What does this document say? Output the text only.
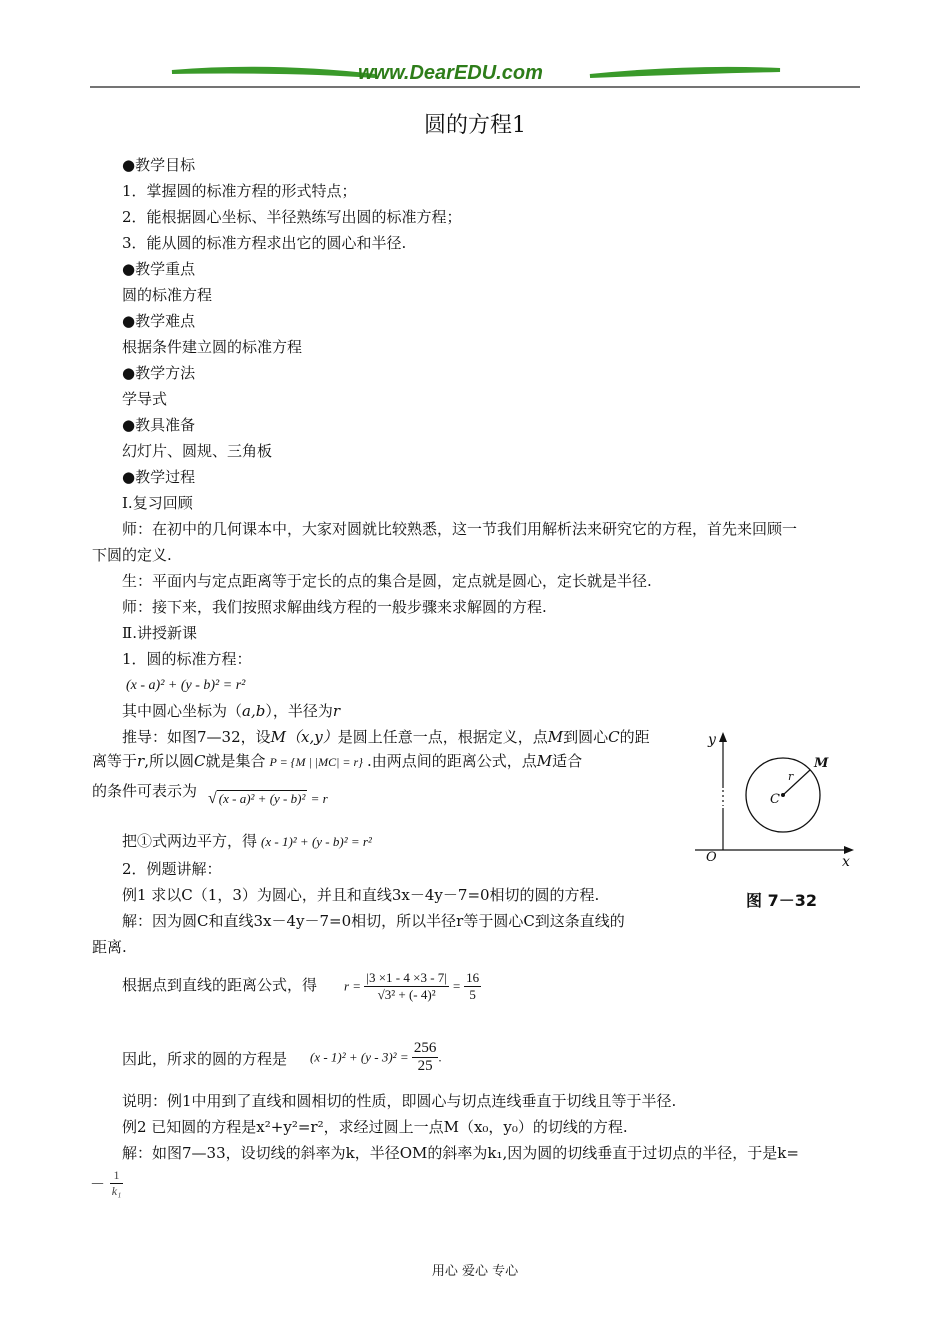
www.DearEDU.com
圆的方程1
●教学目标
1．掌握圆的标准方程的形式特点；
2．能根据圆心坐标、半径熟练写出圆的标准方程；
3．能从圆的标准方程求出它的圆心和半径.
●教学重点
圆的标准方程
●教学难点
根据条件建立圆的标准方程
●教学方法
学导式
●教具准备
幻灯片、圆规、三角板
●教学过程
Ⅰ.复习回顾
师：在初中的几何课本中，大家对圆就比较熟悉，这一节我们用解析法来研究它的方程，首先来回顾一
下圆的定义.
生：平面内与定点距离等于定长的点的集合是圆，定点就是圆心，定长就是半径.
师：接下来，我们按照求解曲线方程的一般步骤来求解圆的方程.
Ⅱ.讲授新课
1．圆的标准方程：
(x - a)² + (y - b)² = r²
其中圆心坐标为（a,b），半径为r
推导：如图7—32，设M（x,y）是圆上任意一点，根据定义，点M到圆心C的距
离等于r,所以圆C就是集合 P = {M | |MC| = r} .由两点间的距离公式，点M适合
的条件可表示为 √ (x - a)² + (y - b)² = r
把①式两边平方，得 (x - 1)² + (y - b)² = r²
2．例题讲解：
例1 求以C（1，3）为圆心，并且和直线3x－4y－7=0相切的圆的方程.
解：因为圆C和直线3x－4y－7=0相切，所以半径r等于圆心C到这条直线的
距离.
根据点到直线的距离公式，得 $r = \frac{|3 \times 1 - 4 \times 3 - 7|}{\text{√3² + (- 4)²}} = \frac{16}{5}$
因此，所求的圆的方程是 $(x - 1)^2 + (y - 3)^2 = \frac{256}{25}$ .
说明：例1中用到了直线和圆相切的性质，即圆心与切点连线垂直于切线且等于半径.
例2 已知圆的方程是x²+y²=r²，求经过圆上一点M（x₀，y₀）的切线的方程.
解：如图7—33，设切线的斜率为k，半径OM的斜率为k₁,因为圆的切线垂直于过切点的半径，于是k=
－ $\frac{1}{\text{k₁}}$
y
x
O
C
M
r
图 7－32
用心 爱心 专心
